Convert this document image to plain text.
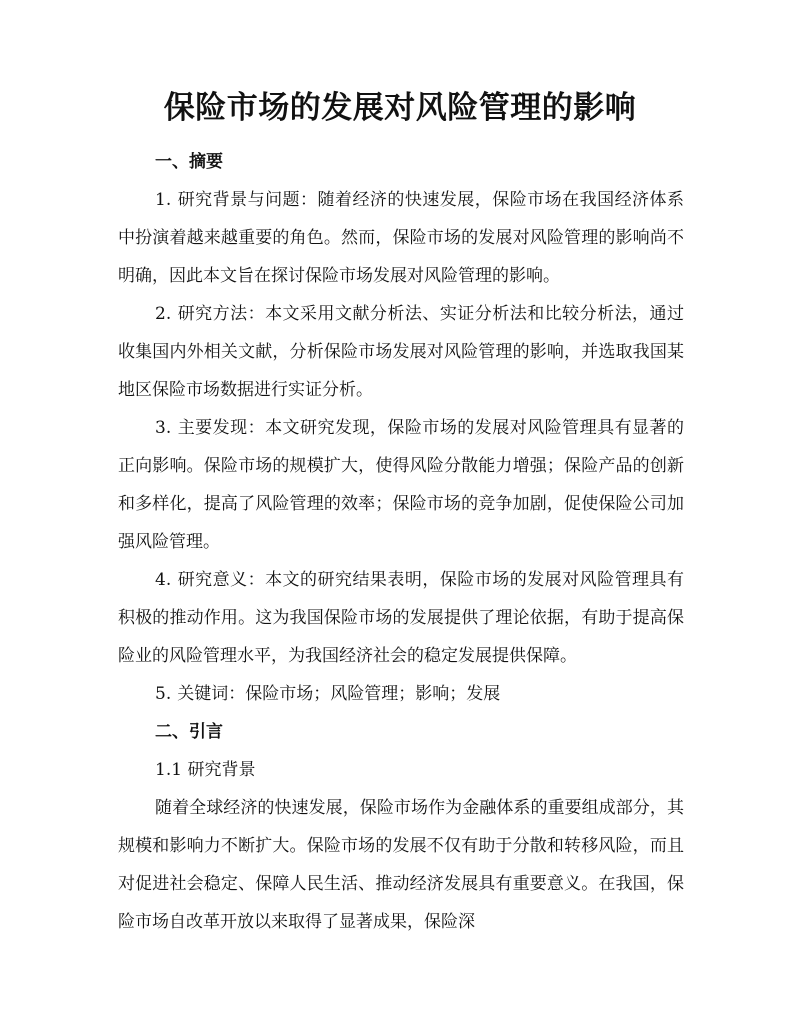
保险市场的发展对风险管理的影响
一、摘要

1. 研究背景与问题：随着经济的快速发展，保险市场在我国经济体系中扮演着越来越重要的角色。然而，保险市场的发展对风险管理的影响尚不明确，因此本文旨在探讨保险市场发展对风险管理的影响。

2. 研究方法：本文采用文献分析法、实证分析法和比较分析法，通过收集国内外相关文献，分析保险市场发展对风险管理的影响，并选取我国某地区保险市场数据进行实证分析。

3. 主要发现：本文研究发现，保险市场的发展对风险管理具有显著的正向影响。保险市场的规模扩大，使得风险分散能力增强；保险产品的创新和多样化，提高了风险管理的效率；保险市场的竞争加剧，促使保险公司加强风险管理。

4. 研究意义：本文的研究结果表明，保险市场的发展对风险管理具有积极的推动作用。这为我国保险市场的发展提供了理论依据，有助于提高保险业的风险管理水平，为我国经济社会的稳定发展提供保障。

5. 关键词：保险市场；风险管理；影响；发展

二、引言
1.1 研究背景

随着全球经济的快速发展，保险市场作为金融体系的重要组成部分，其规模和影响力不断扩大。保险市场的发展不仅有助于分散和转移风险，而且对促进社会稳定、保障人民生活、推动经济发展具有重要意义。在我国，保险市场自改革开放以来取得了显著成果，保险深
